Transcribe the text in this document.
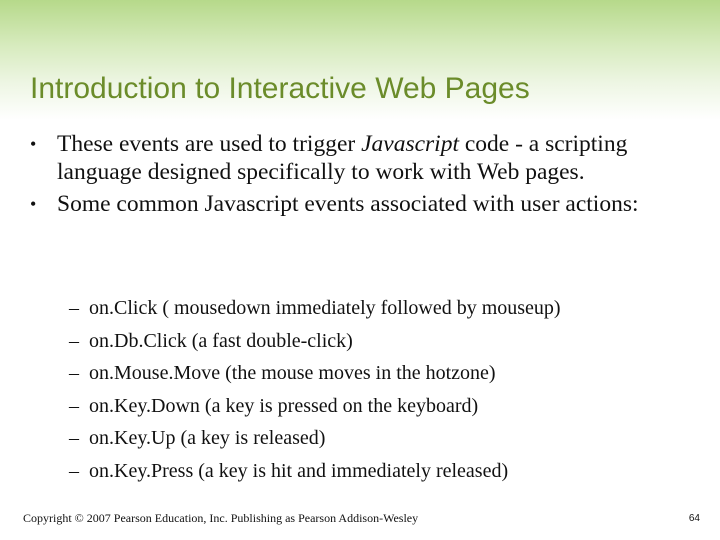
Introduction to Interactive Web Pages
• These events are used to trigger Javascript code - a scripting language designed specifically to work with Web pages.
• Some common Javascript events associated with user actions:
– on.Click ( mousedown immediately followed by mouseup)
– on.Db.Click (a fast double-click)
– on.Mouse.Move (the mouse moves in the hotzone)
– on.Key.Down (a key is pressed on the keyboard)
– on.Key.Up (a key is released)
– on.Key.Press (a key is hit and immediately released)
Copyright © 2007 Pearson Education, Inc. Publishing as Pearson Addison-Wesley	64
